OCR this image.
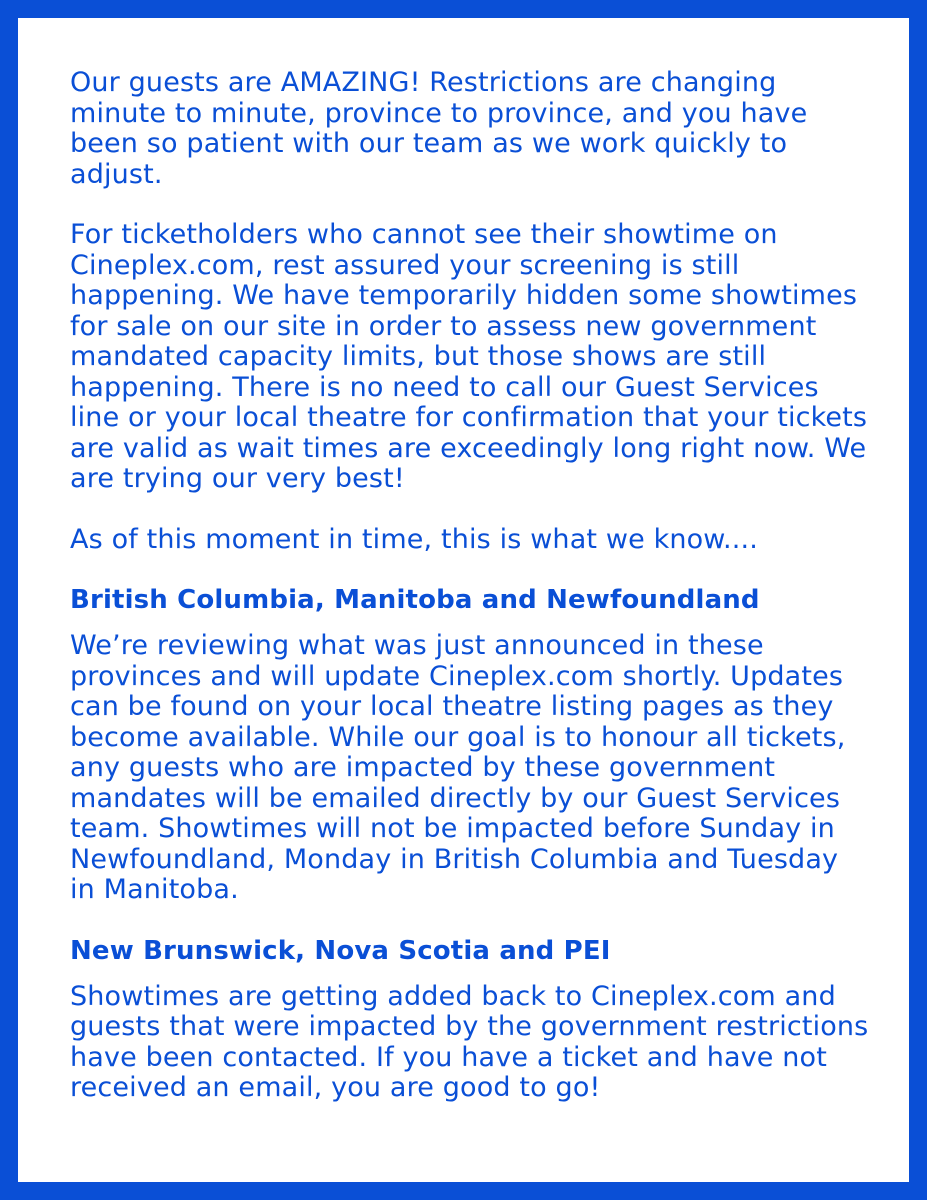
Our guests are AMAZING! Restrictions are changing minute to minute, province to province, and you have been so patient with our team as we work quickly to adjust.

For ticketholders who cannot see their showtime on Cineplex.com, rest assured your screening is still happening. We have temporarily hidden some showtimes for sale on our site in order to assess new government mandated capacity limits, but those shows are still happening. There is no need to call our Guest Services line or your local theatre for confirmation that your tickets are valid as wait times are exceedingly long right now. We are trying our very best!

As of this moment in time, this is what we know....

British Columbia, Manitoba and Newfoundland

We’re reviewing what was just announced in these provinces and will update Cineplex.com shortly. Updates can be found on your local theatre listing pages as they become available. While our goal is to honour all tickets, any guests who are impacted by these government mandates will be emailed directly by our Guest Services team. Showtimes will not be impacted before Sunday in Newfoundland, Monday in British Columbia and Tuesday in Manitoba.

New Brunswick, Nova Scotia and PEI

Showtimes are getting added back to Cineplex.com and guests that were impacted by the government restrictions have been contacted. If you have a ticket and have not received an email, you are good to go!
